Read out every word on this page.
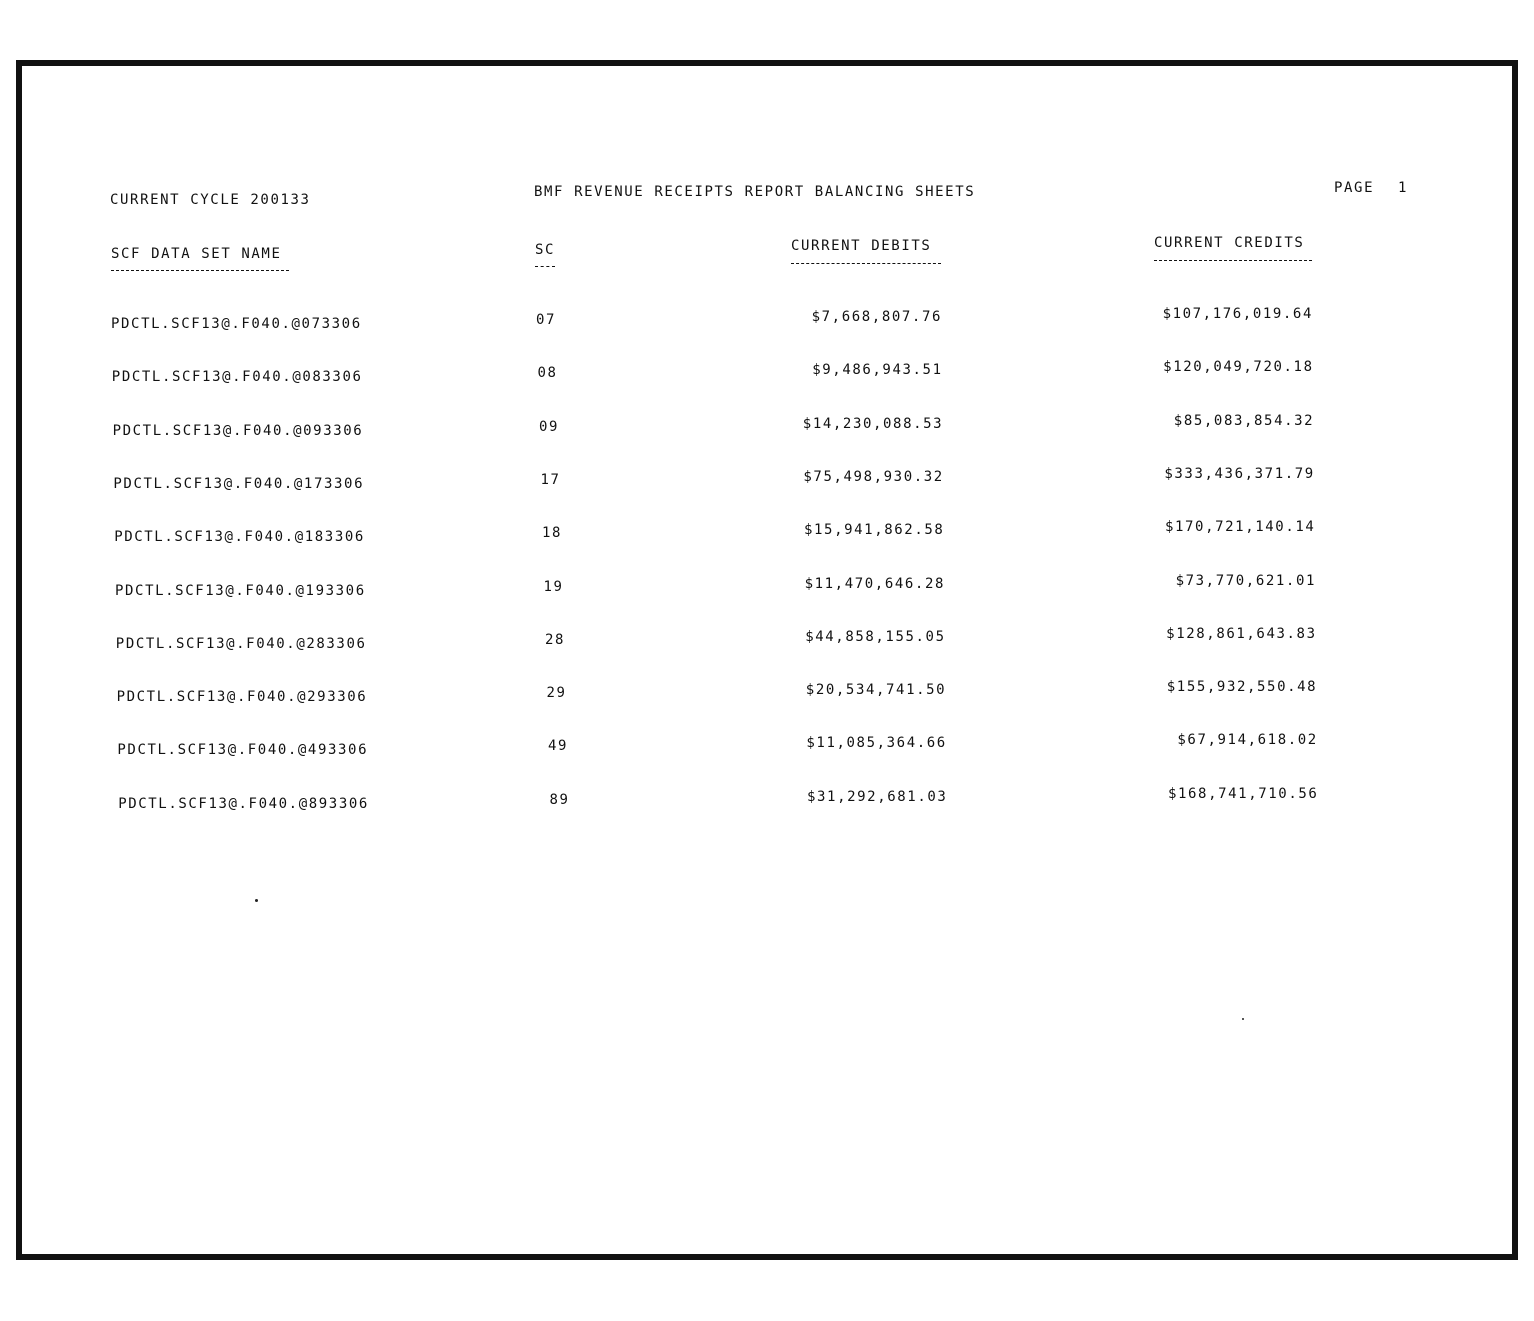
CURRENT CYCLE 200133	BMF REVENUE RECEIPTS REPORT BALANCING SHEETS	PAGE 1
SCF DATA SET NAME	SC	CURRENT DEBITS	CURRENT CREDITS
PDCTL.SCF13@.F040.@073306	07	$7,668,807.76	$107,176,019.64
PDCTL.SCF13@.F040.@083306	08	$9,486,943.51	$120,049,720.18
PDCTL.SCF13@.F040.@093306	09	$14,230,088.53	$85,083,854.32
PDCTL.SCF13@.F040.@173306	17	$75,498,930.32	$333,436,371.79
PDCTL.SCF13@.F040.@183306	18	$15,941,862.58	$170,721,140.14
PDCTL.SCF13@.F040.@193306	19	$11,470,646.28	$73,770,621.01
PDCTL.SCF13@.F040.@283306	28	$44,858,155.05	$128,861,643.83
PDCTL.SCF13@.F040.@293306	29	$20,534,741.50	$155,932,550.48
PDCTL.SCF13@.F040.@493306	49	$11,085,364.66	$67,914,618.02
PDCTL.SCF13@.F040.@893306	89	$31,292,681.03	$168,741,710.56
